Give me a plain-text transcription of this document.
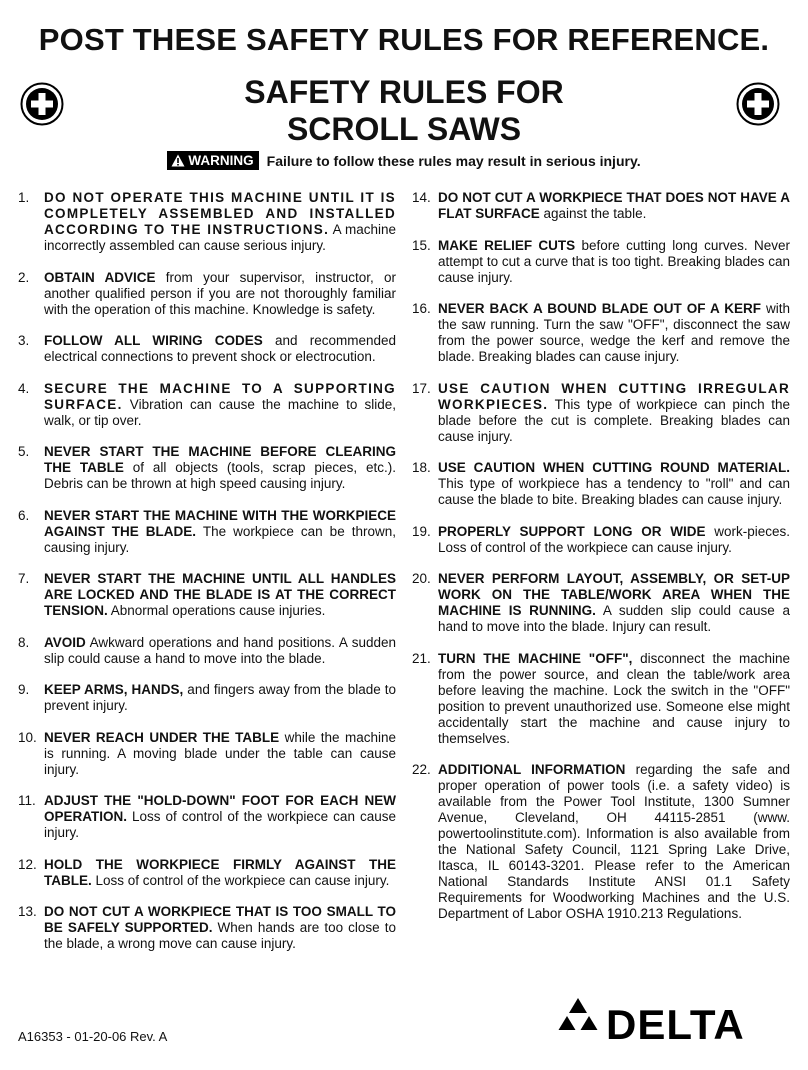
POST THESE SAFETY RULES FOR REFERENCE.
SAFETY RULES FOR
SCROLL SAWS
WARNING Failure to follow these rules may result in serious injury.
1.	DO NOT OPERATE THIS MACHINE UNTIL IT IS COMPLETELY ASSEMBLED AND INSTALLED ACCORDING TO THE INSTRUCTIONS. A machine incorrectly assembled can cause serious injury.
2.	OBTAIN ADVICE from your supervisor, instructor, or another qualified person if you are not thoroughly familiar with the operation of this machine. Knowledge is safety.
3.	FOLLOW ALL WIRING CODES and recommended electrical connections to prevent shock or electrocution.
4.	SECURE THE MACHINE TO A SUPPORTING SURFACE. Vibration can cause the machine to slide, walk, or tip over.
5.	NEVER START THE MACHINE BEFORE CLEARING THE TABLE of all objects (tools, scrap pieces, etc.). Debris can be thrown at high speed causing injury.
6.	NEVER START THE MACHINE WITH THE WORKPIECE AGAINST THE BLADE. The workpiece can be thrown, causing injury.
7.	NEVER START THE MACHINE UNTIL ALL HANDLES ARE LOCKED AND THE BLADE IS AT THE CORRECT TENSION. Abnormal operations cause injuries.
8.	AVOID Awkward operations and hand positions. A sudden slip could cause a hand to move into the blade.
9.	KEEP ARMS, HANDS, and fingers away from the blade to prevent injury.
10. NEVER REACH UNDER THE TABLE while the machine is running. A moving blade under the table can cause injury.
11. ADJUST THE "HOLD-DOWN" FOOT FOR EACH NEW OPERATION. Loss of control of the workpiece can cause injury.
12. HOLD THE WORKPIECE FIRMLY AGAINST THE TABLE. Loss of control of the workpiece can cause injury.
13. DO NOT CUT A WORKPIECE THAT IS TOO SMALL TO BE SAFELY SUPPORTED. When hands are too close to the blade, a wrong move can cause injury.
14. DO NOT CUT A WORKPIECE THAT DOES NOT HAVE A FLAT SURFACE against the table.
15. MAKE RELIEF CUTS before cutting long curves. Never attempt to cut a curve that is too tight. Breaking blades can cause injury.
16. NEVER BACK A BOUND BLADE OUT OF A KERF with the saw running. Turn the saw "OFF", disconnect the saw from the power source, wedge the kerf and remove the blade. Breaking blades can cause injury.
17. USE CAUTION WHEN CUTTING IRREGULAR WORKPIECES. This type of workpiece can pinch the blade before the cut is complete. Breaking blades can cause injury.
18. USE CAUTION WHEN CUTTING ROUND MATERIAL. This type of workpiece has a tendency to "roll" and can cause the blade to bite. Breaking blades can cause injury.
19. PROPERLY SUPPORT LONG OR WIDE work-pieces. Loss of control of the workpiece can cause injury.
20. NEVER PERFORM LAYOUT, ASSEMBLY, OR SET-UP WORK ON THE TABLE/WORK AREA WHEN THE MACHINE IS RUNNING. A sudden slip could cause a hand to move into the blade. Injury can result.
21. TURN THE MACHINE "OFF", disconnect the machine from the power source, and clean the table/work area before leaving the machine. Lock the switch in the "OFF" position to prevent unauthorized use. Someone else might accidentally start the machine and cause injury to themselves.
22. ADDITIONAL INFORMATION regarding the safe and proper operation of power tools (i.e. a safety video) is available from the Power Tool Institute, 1300 Sumner Avenue, Cleveland, OH 44115-2851 (www. powertoolinstitute.com). Information is also available from the National Safety Council, 1121 Spring Lake Drive, Itasca, IL 60143-3201. Please refer to the American National Standards Institute ANSI 01.1 Safety Requirements for Woodworking Machines and the U.S. Department of Labor OSHA 1910.213 Regulations.
A16353 - 01-20-06 Rev. A	DELTA
